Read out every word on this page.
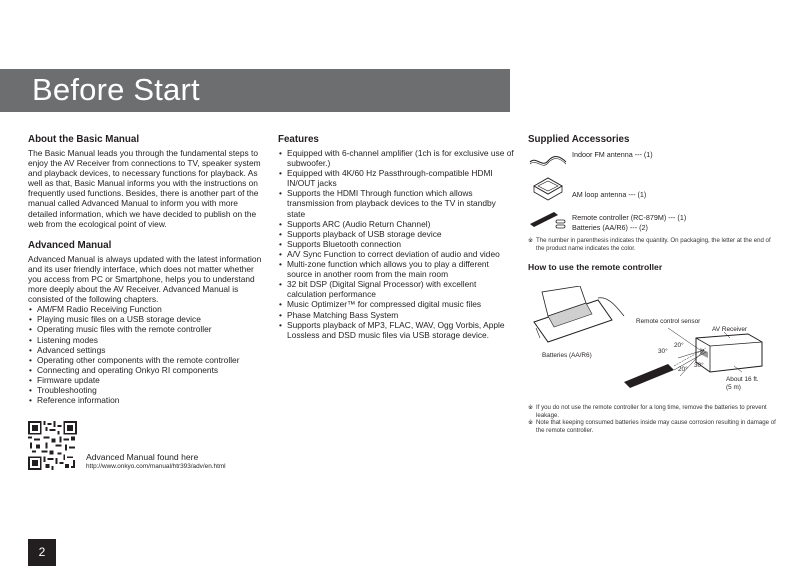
Before Start
About the Basic Manual

The Basic Manual leads you through the fundamental steps to enjoy the AV Receiver from connections to TV, speaker system and playback devices, to necessary functions for playback. As well as that, Basic Manual informs you with the instructions on frequently used functions. Besides, there is another part of the manual called Advanced Manual to inform you with more detailed information, which we have decided to publish on the web from the ecological point of view.

Advanced Manual

Advanced Manual is always updated with the latest information and its user friendly interface, which does not matter whether you access from PC or Smartphone, helps you to understand more deeply about the AV Receiver. Advanced Manual is consisted of the following chapters.

• AM/FM Radio Receiving Function
• Playing music files on a USB storage device
• Operating music files with the remote controller
• Listening modes
• Advanced settings
• Operating other components with the remote controller
• Connecting and operating Onkyo RI components
• Firmware update
• Troubleshooting
• Reference information
Advanced Manual found here
http://www.onkyo.com/manual/htr393/adv/en.html
Features
• Equipped with 6-channel amplifier (1ch is for exclusive use of subwoofer.)
• Equipped with 4K/60 Hz Passthrough-compatible HDMI IN/OUT jacks
• Supports the HDMI Through function which allows transmission from playback devices to the TV in standby state
• Supports ARC (Audio Return Channel)
• Supports playback of USB storage device
• Supports Bluetooth connection
• A/V Sync Function to correct deviation of audio and video
• Multi-zone function which allows you to play a different source in another room from the main room
• 32 bit DSP (Digital Signal Processor) with excellent calculation performance
• Music Optimizer™ for compressed digital music files
• Phase Matching Bass System
• Supports playback of MP3, FLAC, WAV, Ogg Vorbis, Apple Lossless and DSD music files via USB storage device.
Supplied Accessories
Indoor FM antenna --- (1)
AM loop antenna --- (1)
Remote controller (RC-879M) --- (1)
Batteries (AA/R6) --- (2)
※ The number in parenthesis indicates the quantity. On packaging, the letter at the end of the product name indicates the color.
How to use the remote controller
Remote control sensor
AV Receiver
Batteries (AA/R6)
30°
20°
30°
20°
About 16 ft.
(5 m)
※ If you do not use the remote controller for a long time, remove the batteries to prevent leakage.
※ Note that keeping consumed batteries inside may cause corrosion resulting in damage of the remote controller.
2
